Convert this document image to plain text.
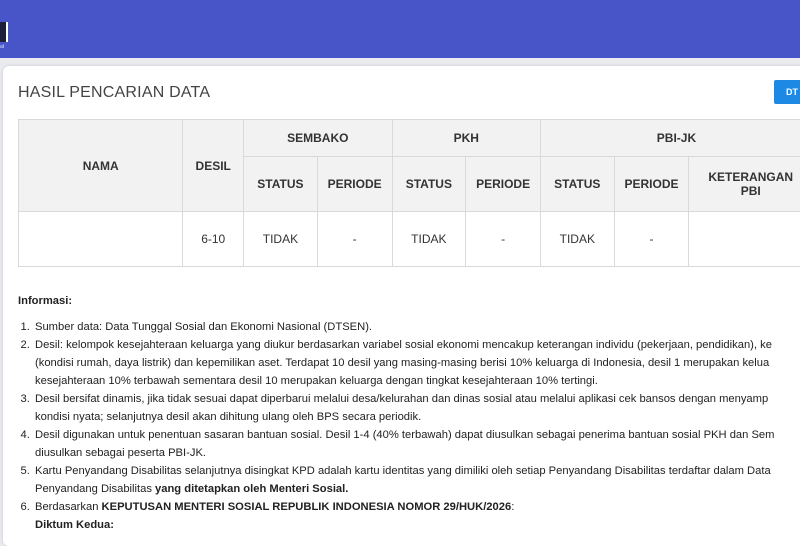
at
HASIL PENCARIAN DATA	DT
NAMA	DESIL	SEMBAKO		PKH		PBI-JK		
		STATUS	PERIODE	STATUS	PERIODE	STATUS	PERIODE	KETERANGAN
PBI
	6-10	TIDAK	-	TIDAK	-	TIDAK	-	
Informasi:
1. Sumber data: Data Tunggal Sosial dan Ekonomi Nasional (DTSEN).
2. Desil: kelompok kesejahteraan keluarga yang diukur berdasarkan variabel sosial ekonomi mencakup keterangan individu (pekerjaan, pendidikan), ke
(kondisi rumah, daya listrik) dan kepemilikan aset. Terdapat 10 desil yang masing-masing berisi 10% keluarga di Indonesia, desil 1 merupakan kelua
kesejahteraan 10% terbawah sementara desil 10 merupakan keluarga dengan tingkat kesejahteraan 10% tertingi.
3. Desil bersifat dinamis, jika tidak sesuai dapat diperbarui melalui desa/kelurahan dan dinas sosial atau melalui aplikasi cek bansos dengan menyamp
kondisi nyata; selanjutnya desil akan dihitung ulang oleh BPS secara periodik.
4. Desil digunakan untuk penentuan sasaran bantuan sosial. Desil 1-4 (40% terbawah) dapat diusulkan sebagai penerima bantuan sosial PKH dan Sem
diusulkan sebagai peserta PBI-JK.
5. Kartu Penyandang Disabilitas selanjutnya disingkat KPD adalah kartu identitas yang dimiliki oleh setiap Penyandang Disabilitas terdaftar dalam Data
Penyandang Disabilitas yang ditetapkan oleh Menteri Sosial.
6. Berdasarkan KEPUTUSAN MENTERI SOSIAL REPUBLIK INDONESIA NOMOR 29/HUK/2026:
Diktum Kedua:
